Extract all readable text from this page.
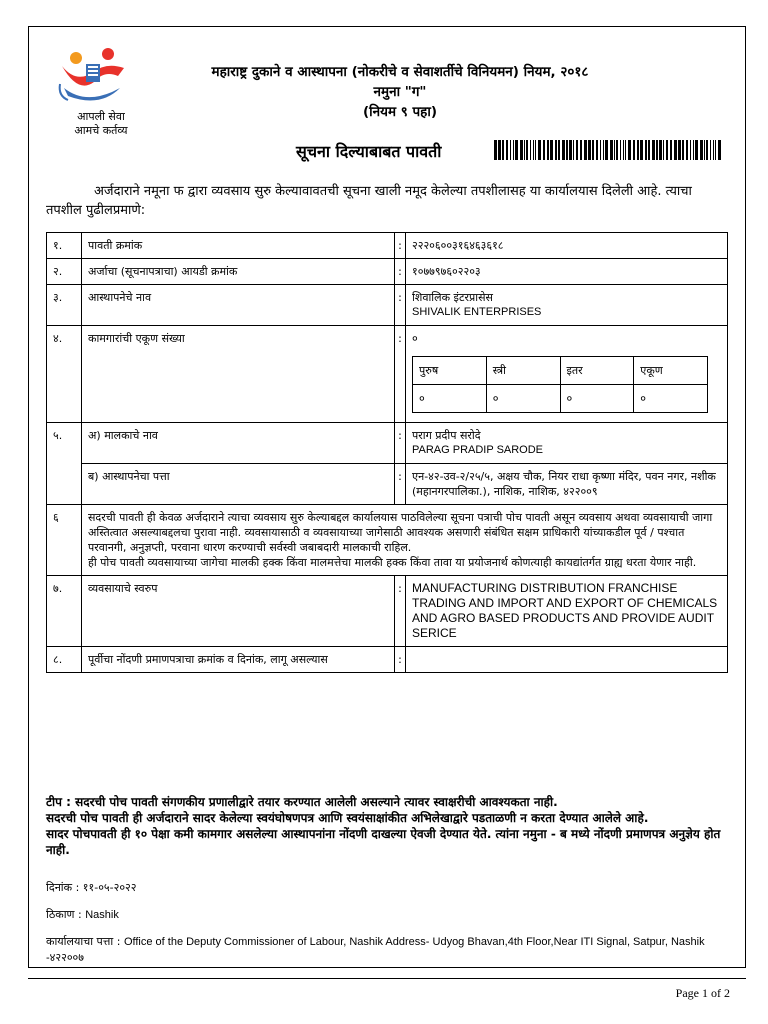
आपली सेवा
आमचे कर्तव्य
महाराष्ट्र दुकाने व आस्थापना (नोकरीचे व सेवाशर्तीचे विनियमन) नियम, २०१८
नमुना "ग"
(नियम ९ पहा)
सूचना दिल्याबाबत पावती
अर्जदाराने नमूना फ द्वारा व्यवसाय सुरु केल्यावावतची सूचना खाली नमूद केलेल्या तपशीलासह या कार्यालयास दिलेली आहे. त्याचा तपशील पुढीलप्रमाणे:
१.	पावती क्रमांक	:	२२२०६००३१६४६३६१८
२.	अर्जाचा (सूचनापत्राचा) आयडी क्रमांक	:	१०७७९७६०२२०३
३.	आस्थापनेचे नाव	:	शिवालिक इंटरप्रासेस
SHIVALIK ENTERPRISES

४.	कामगारांची एकूण संख्या	:	०
पुरुष	स्त्री	इतर	एकूण
०	०	०	०

५.	अ) मालकाचे नाव	:	पराग प्रदीप सरोदे
PARAG PRADIP SARODE

ब) आस्थापनेचा पत्ता	:	एन-४२-उव-२/२५/५, अक्षय चौक, नियर राधा कृष्णा मंदिर, पवन नगर, नशीक (महानगरपालिका.), नाशिक, नाशिक, ४२२००९
६	सदरची पावती ही केवळ अर्जदाराने त्याचा व्यवसाय सुरु केल्याबद्दल कार्यालयास पाठविलेल्या सूचना पत्राची पोच पावती असून व्यवसाय अथवा व्यवसायाची जागा अस्तित्वात असल्याबद्दलचा पुरावा नाही. व्यवसायासाठी व व्यवसायाच्या जागेसाठी आवश्यक असणारी संबंधित सक्षम प्राधिकारी यांच्याकडील पूर्व / पश्चात परवानगी, अनुज्ञप्ती, परवाना धारण करण्याची सर्वस्वी जबाबदारी मालकाची राहिल.
ही पोच पावती व्यवसायाच्या जागेचा मालकी हक्क किंवा मालमत्तेचा मालकी हक्क किंवा तावा या प्रयोजनार्थ कोणत्याही कायद्यांतर्गत ग्राह्य धरता येणार नाही.

७.	व्यवसायाचे स्वरुप	:	MANUFACTURING DISTRIBUTION FRANCHISE TRADING AND IMPORT AND EXPORT OF CHEMICALS AND AGRO BASED PRODUCTS AND PROVIDE AUDIT SERICE
८.	पूर्वीचा नोंदणी प्रमाणपत्राचा क्रमांक व दिनांक, लागू असल्यास	:	
टीप : सदरची पोच पावती संगणकीय प्रणालीद्वारे तयार करण्यात आलेली असल्याने त्यावर स्वाक्षरीची आवश्यकता नाही.
सदरची पोच पावती ही अर्जदाराने सादर केलेल्या स्वयंघोषणपत्र आणि स्वयंसाक्षांकीत अभिलेखाद्वारे पडताळणी न करता देण्यात आलेले आहे.
सादर पोचपावती ही १० पेक्षा कमी कामगार असलेल्या आस्थापनांना नोंदणी दाखल्या ऐवजी देण्यात येते. त्यांना नमुना - ब मध्ये नोंदणी प्रमाणपत्र अनुज्ञेय होत नाही.
दिनांक : ११-०५-२०२२
ठिकाण : Nashik
कार्यालयाचा पत्ता : Office of the Deputy Commissioner of Labour, Nashik Address- Udyog Bhavan,4th Floor,Near ITI Signal, Satpur, Nashik -४२२००७
Page 1 of 2
